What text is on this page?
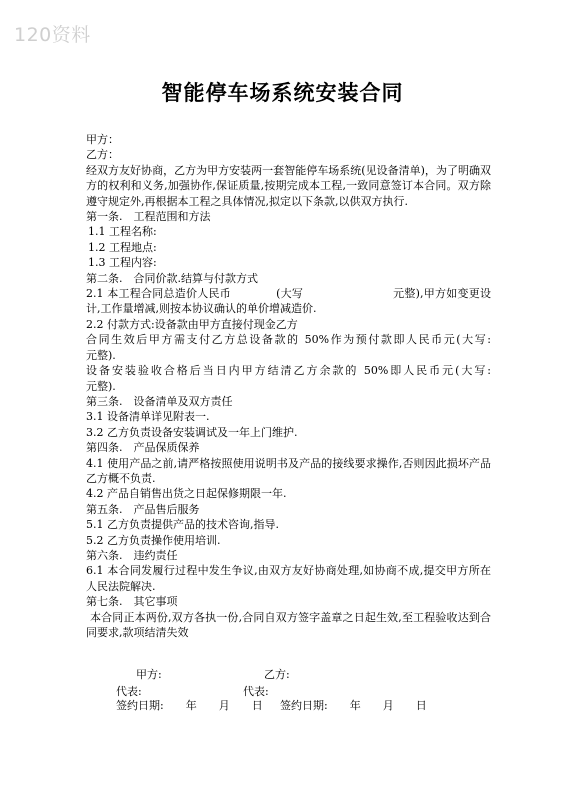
120资料
智能停车场系统安装合同
甲方：
乙方：
经双方友好协商，乙方为甲方安装两一套智能停车场系统(见设备清单)，为了明确双方的权利和义务,加强协作,保证质量,按期完成本工程,一致同意签订本合同。双方除遵守规定外,再根据本工程之具体情况,拟定以下条款,以供双方执行.
第一条.　工程范围和方法
1.1 工程名称:
1.2 工程地点:
1.3 工程内容:
第二条.　合同价款.结算与付款方式
2.1 本工程合同总造价人民币　　　　(大写　　　　　　　　元整),甲方如变更设计,工作量增减,则按本协议确认的单价增减造价.
2.2 付款方式:设备款由甲方直接付现金乙方
合同生效后甲方需支付乙方总设备款的 50%作为预付款即人民币元(大写:　　　　　　元整).
设备安装验收合格后当日内甲方结清乙方余款的 50%即人民币元(大写:　　　　　　元整).
第三条.　设备清单及双方责任
3.1 设备清单详见附表一.
3.2 乙方负责设备安装调试及一年上门维护.
第四条.　产品保质保养
4.1 使用产品之前,请严格按照使用说明书及产品的接线要求操作,否则因此损坏产品乙方概不负责.
4.2 产品自销售出货之日起保修期限一年.
第五条.　产品售后服务
5.1 乙方负责提供产品的技术咨询,指导.
5.2 乙方负责操作使用培训.
第六条.　违约责任
6.1 本合同发履行过程中发生争议,由双方友好协商处理,如协商不成,提交甲方所在人民法院解决.
第七条.　其它事项
本合同正本两份,双方各执一份,合同自双方签字盖章之日起生效,至工程验收达到合同要求,款项结清失效
甲方:	乙方:
代表:	代表:
签约日期:　　年　　月　　日 签约日期:　　年　　月　　日
